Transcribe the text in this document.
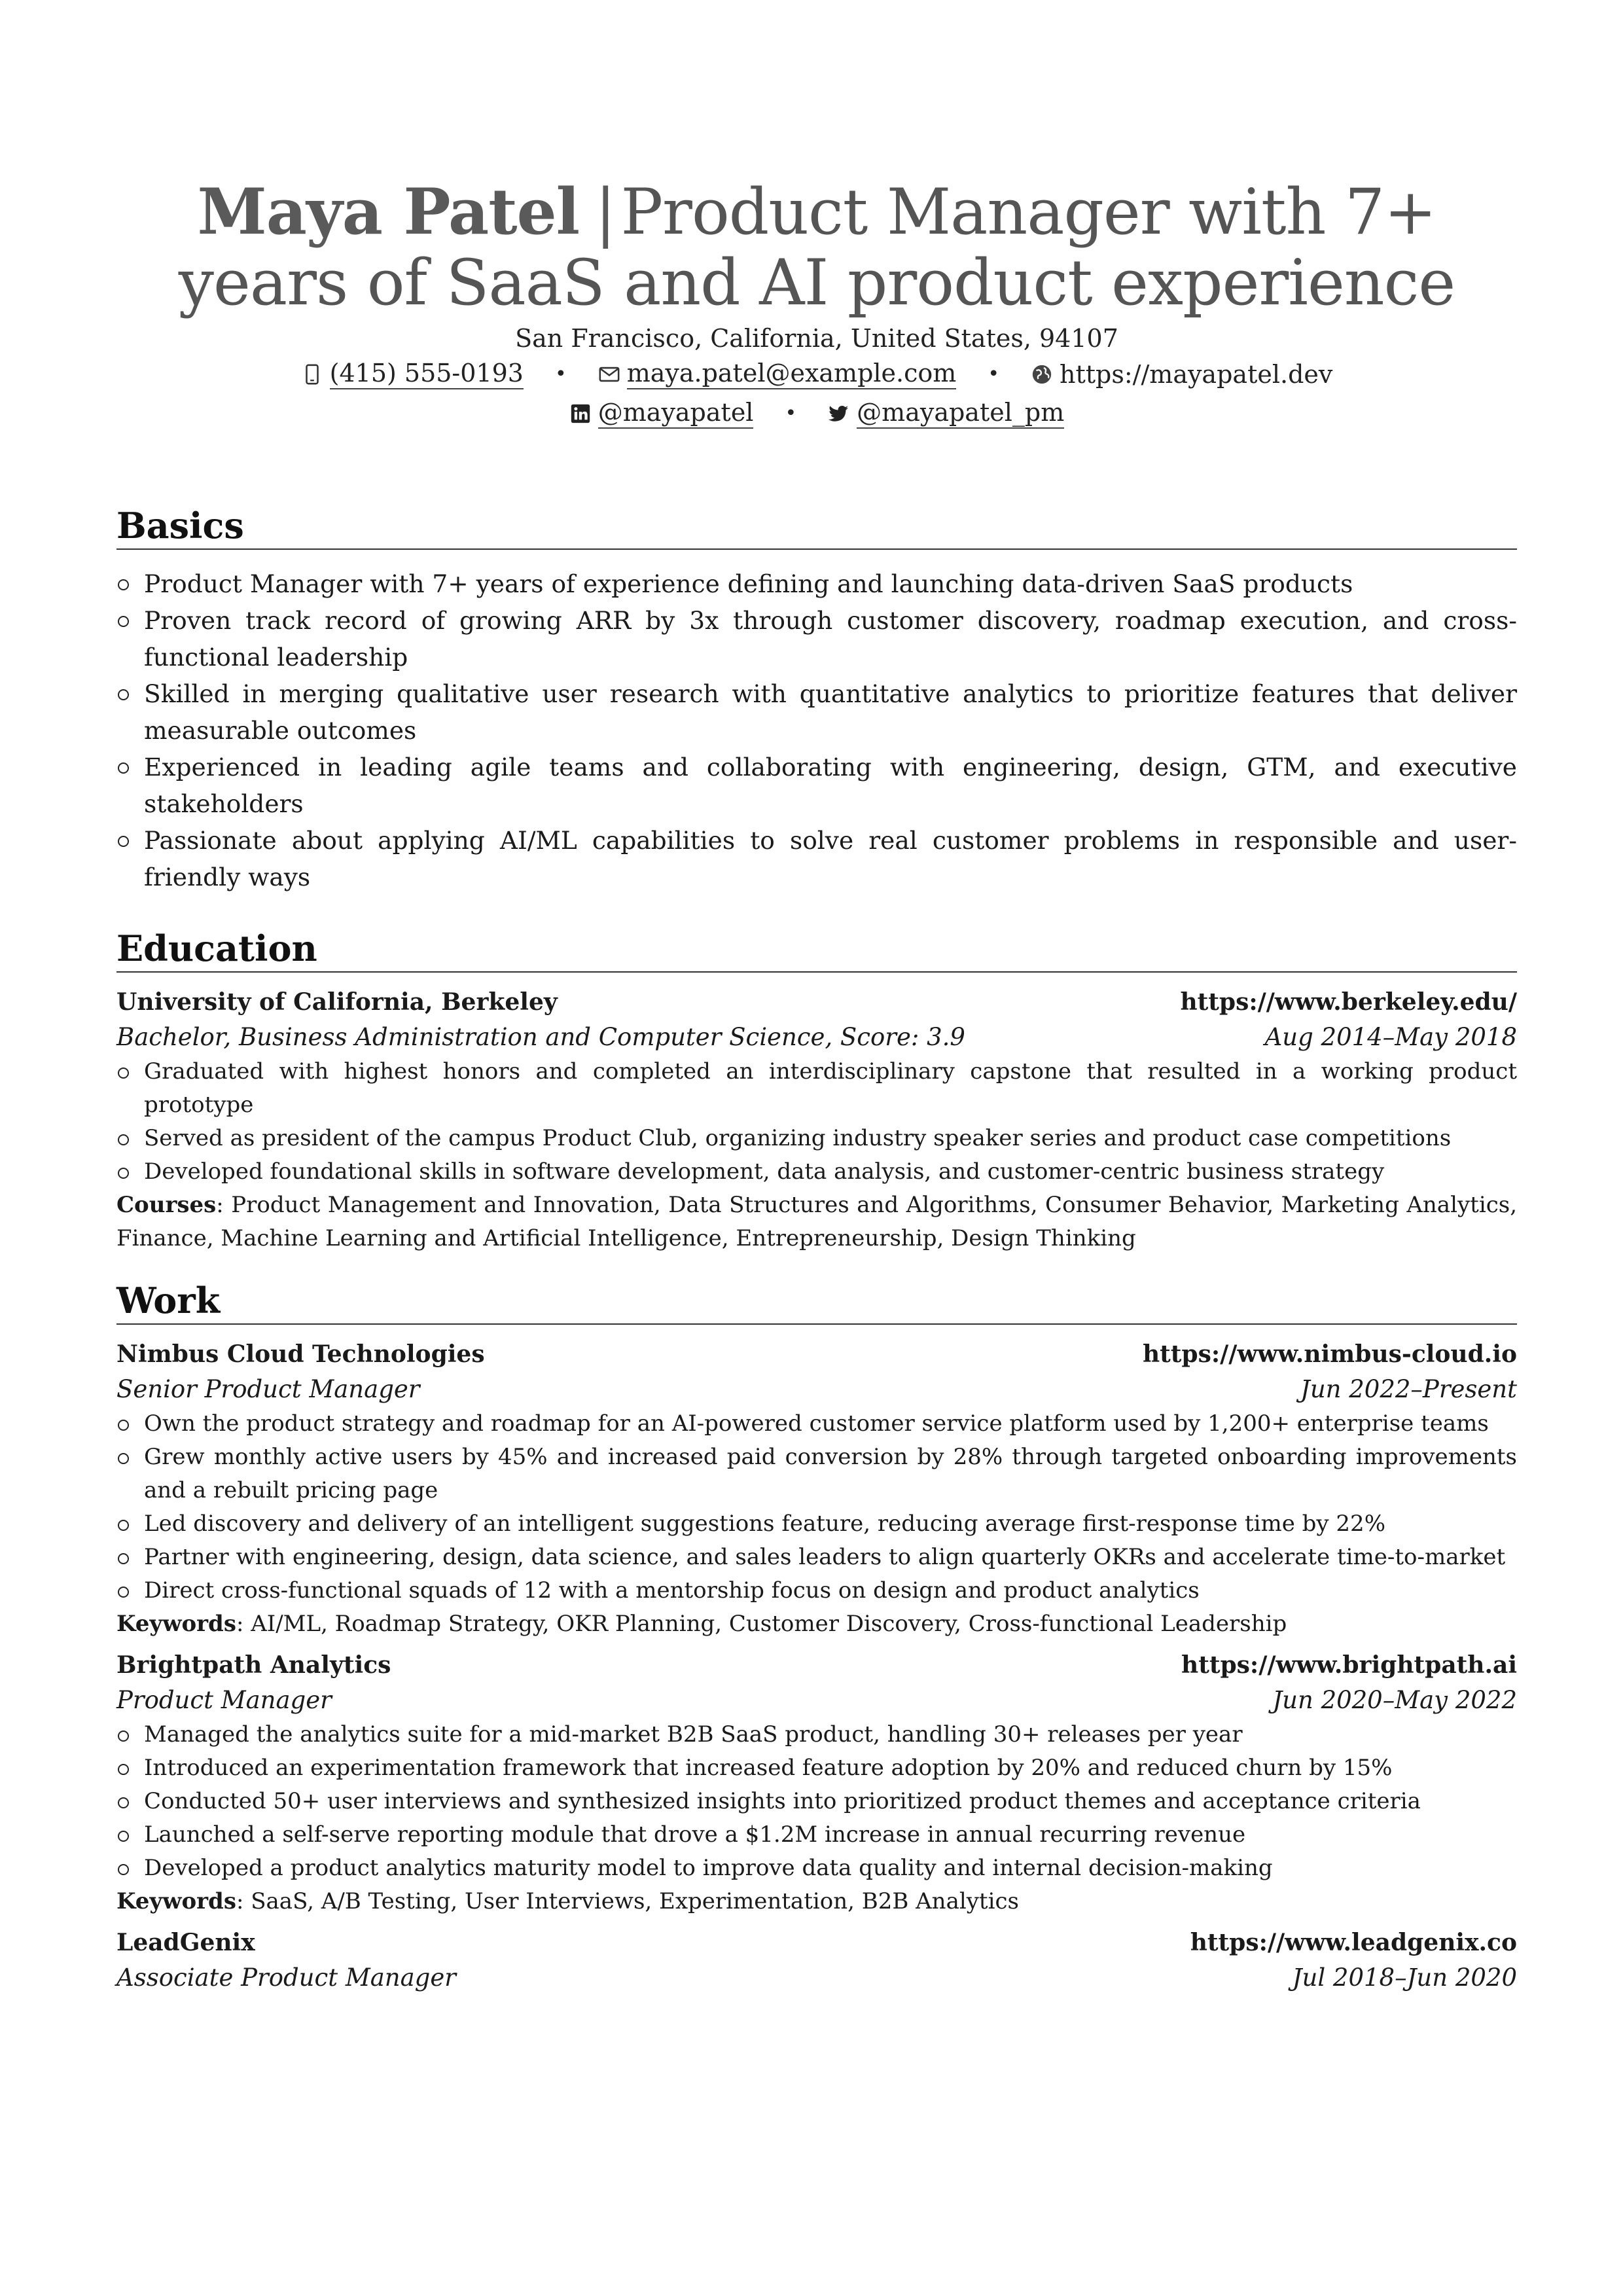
Maya Patel |Product Manager with 7+
years of SaaS and AI product experience
San Francisco, California, United States, 94107
(415) 555-0193 • maya.patel@example.com • https://mayapatel.dev
@mayapatel • @mayapatel_pm
Basics
Product Manager with 7+ years of experience defining and launching data-driven SaaS products
Proven track record of growing ARR by 3x through customer discovery, roadmap execution, and cross-functional leadership
Skilled in merging qualitative user research with quantitative analytics to prioritize features that deliver measurable outcomes
Experienced in leading agile teams and collaborating with engineering, design, GTM, and executive stakeholders
Passionate about applying AI/ML capabilities to solve real customer problems in responsible and user-friendly ways
Education
University of California, Berkeley	https://www.berkeley.edu/
Bachelor, Business Administration and Computer Science, Score: 3.9	Aug 2014–May 2018
Graduated with highest honors and completed an interdisciplinary capstone that resulted in a working product prototype
Served as president of the campus Product Club, organizing industry speaker series and product case competitions
Developed foundational skills in software development, data analysis, and customer-centric business strategy
Courses: Product Management and Innovation, Data Structures and Algorithms, Consumer Behavior, Marketing Analytics, Finance, Machine Learning and Artificial Intelligence, Entrepreneurship, Design Thinking
Work
Nimbus Cloud Technologies	https://www.nimbus-cloud.io
Senior Product Manager	Jun 2022–Present
Own the product strategy and roadmap for an AI-powered customer service platform used by 1,200+ enterprise teams
Grew monthly active users by 45% and increased paid conversion by 28% through targeted onboarding improvements and a rebuilt pricing page
Led discovery and delivery of an intelligent suggestions feature, reducing average first-response time by 22%
Partner with engineering, design, data science, and sales leaders to align quarterly OKRs and accelerate time-to-market
Direct cross-functional squads of 12 with a mentorship focus on design and product analytics
Keywords: AI/ML, Roadmap Strategy, OKR Planning, Customer Discovery, Cross-functional Leadership
Brightpath Analytics	https://www.brightpath.ai
Product Manager	Jun 2020–May 2022
Managed the analytics suite for a mid-market B2B SaaS product, handling 30+ releases per year
Introduced an experimentation framework that increased feature adoption by 20% and reduced churn by 15%
Conducted 50+ user interviews and synthesized insights into prioritized product themes and acceptance criteria
Launched a self-serve reporting module that drove a $1.2M increase in annual recurring revenue
Developed a product analytics maturity model to improve data quality and internal decision-making
Keywords: SaaS, A/B Testing, User Interviews, Experimentation, B2B Analytics
LeadGenix	https://www.leadgenix.co
Associate Product Manager	Jul 2018–Jun 2020
